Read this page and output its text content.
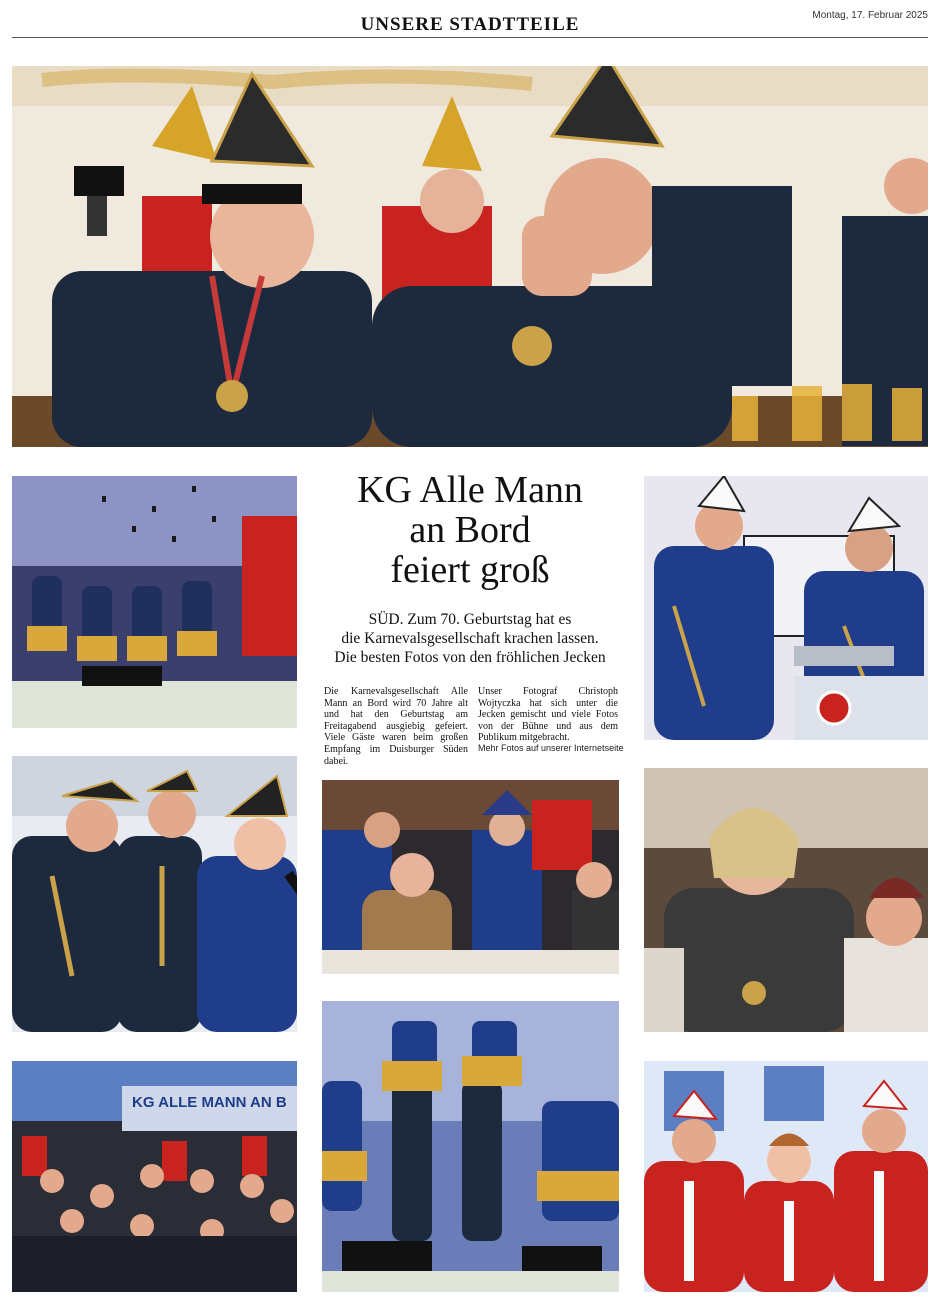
UNSERE STADTTEILE	Montag, 17. Februar 2025
KG Alle Mann
an Bord
feiert groß
SÜD. Zum 70. Geburtstag hat es
die Karnevalsgesellschaft krachen lassen.
Die besten Fotos von den fröhlichen Jecken
Die Karnevalsgesellschaft Alle Mann an Bord wird 70 Jahre alt und hat den Geburtstag am Freitagabend ausgiebig gefeiert. Viele Gäste waren beim großen Empfang im Duisburger Süden dabei.
Unser Fotograf Christoph Wojtyczka hat sich unter die Jecken gemischt und viele Fotos von der Bühne und aus dem Publikum mitgebracht.
Mehr Fotos auf unserer Internetseite
KG ALLE MANN AN B
